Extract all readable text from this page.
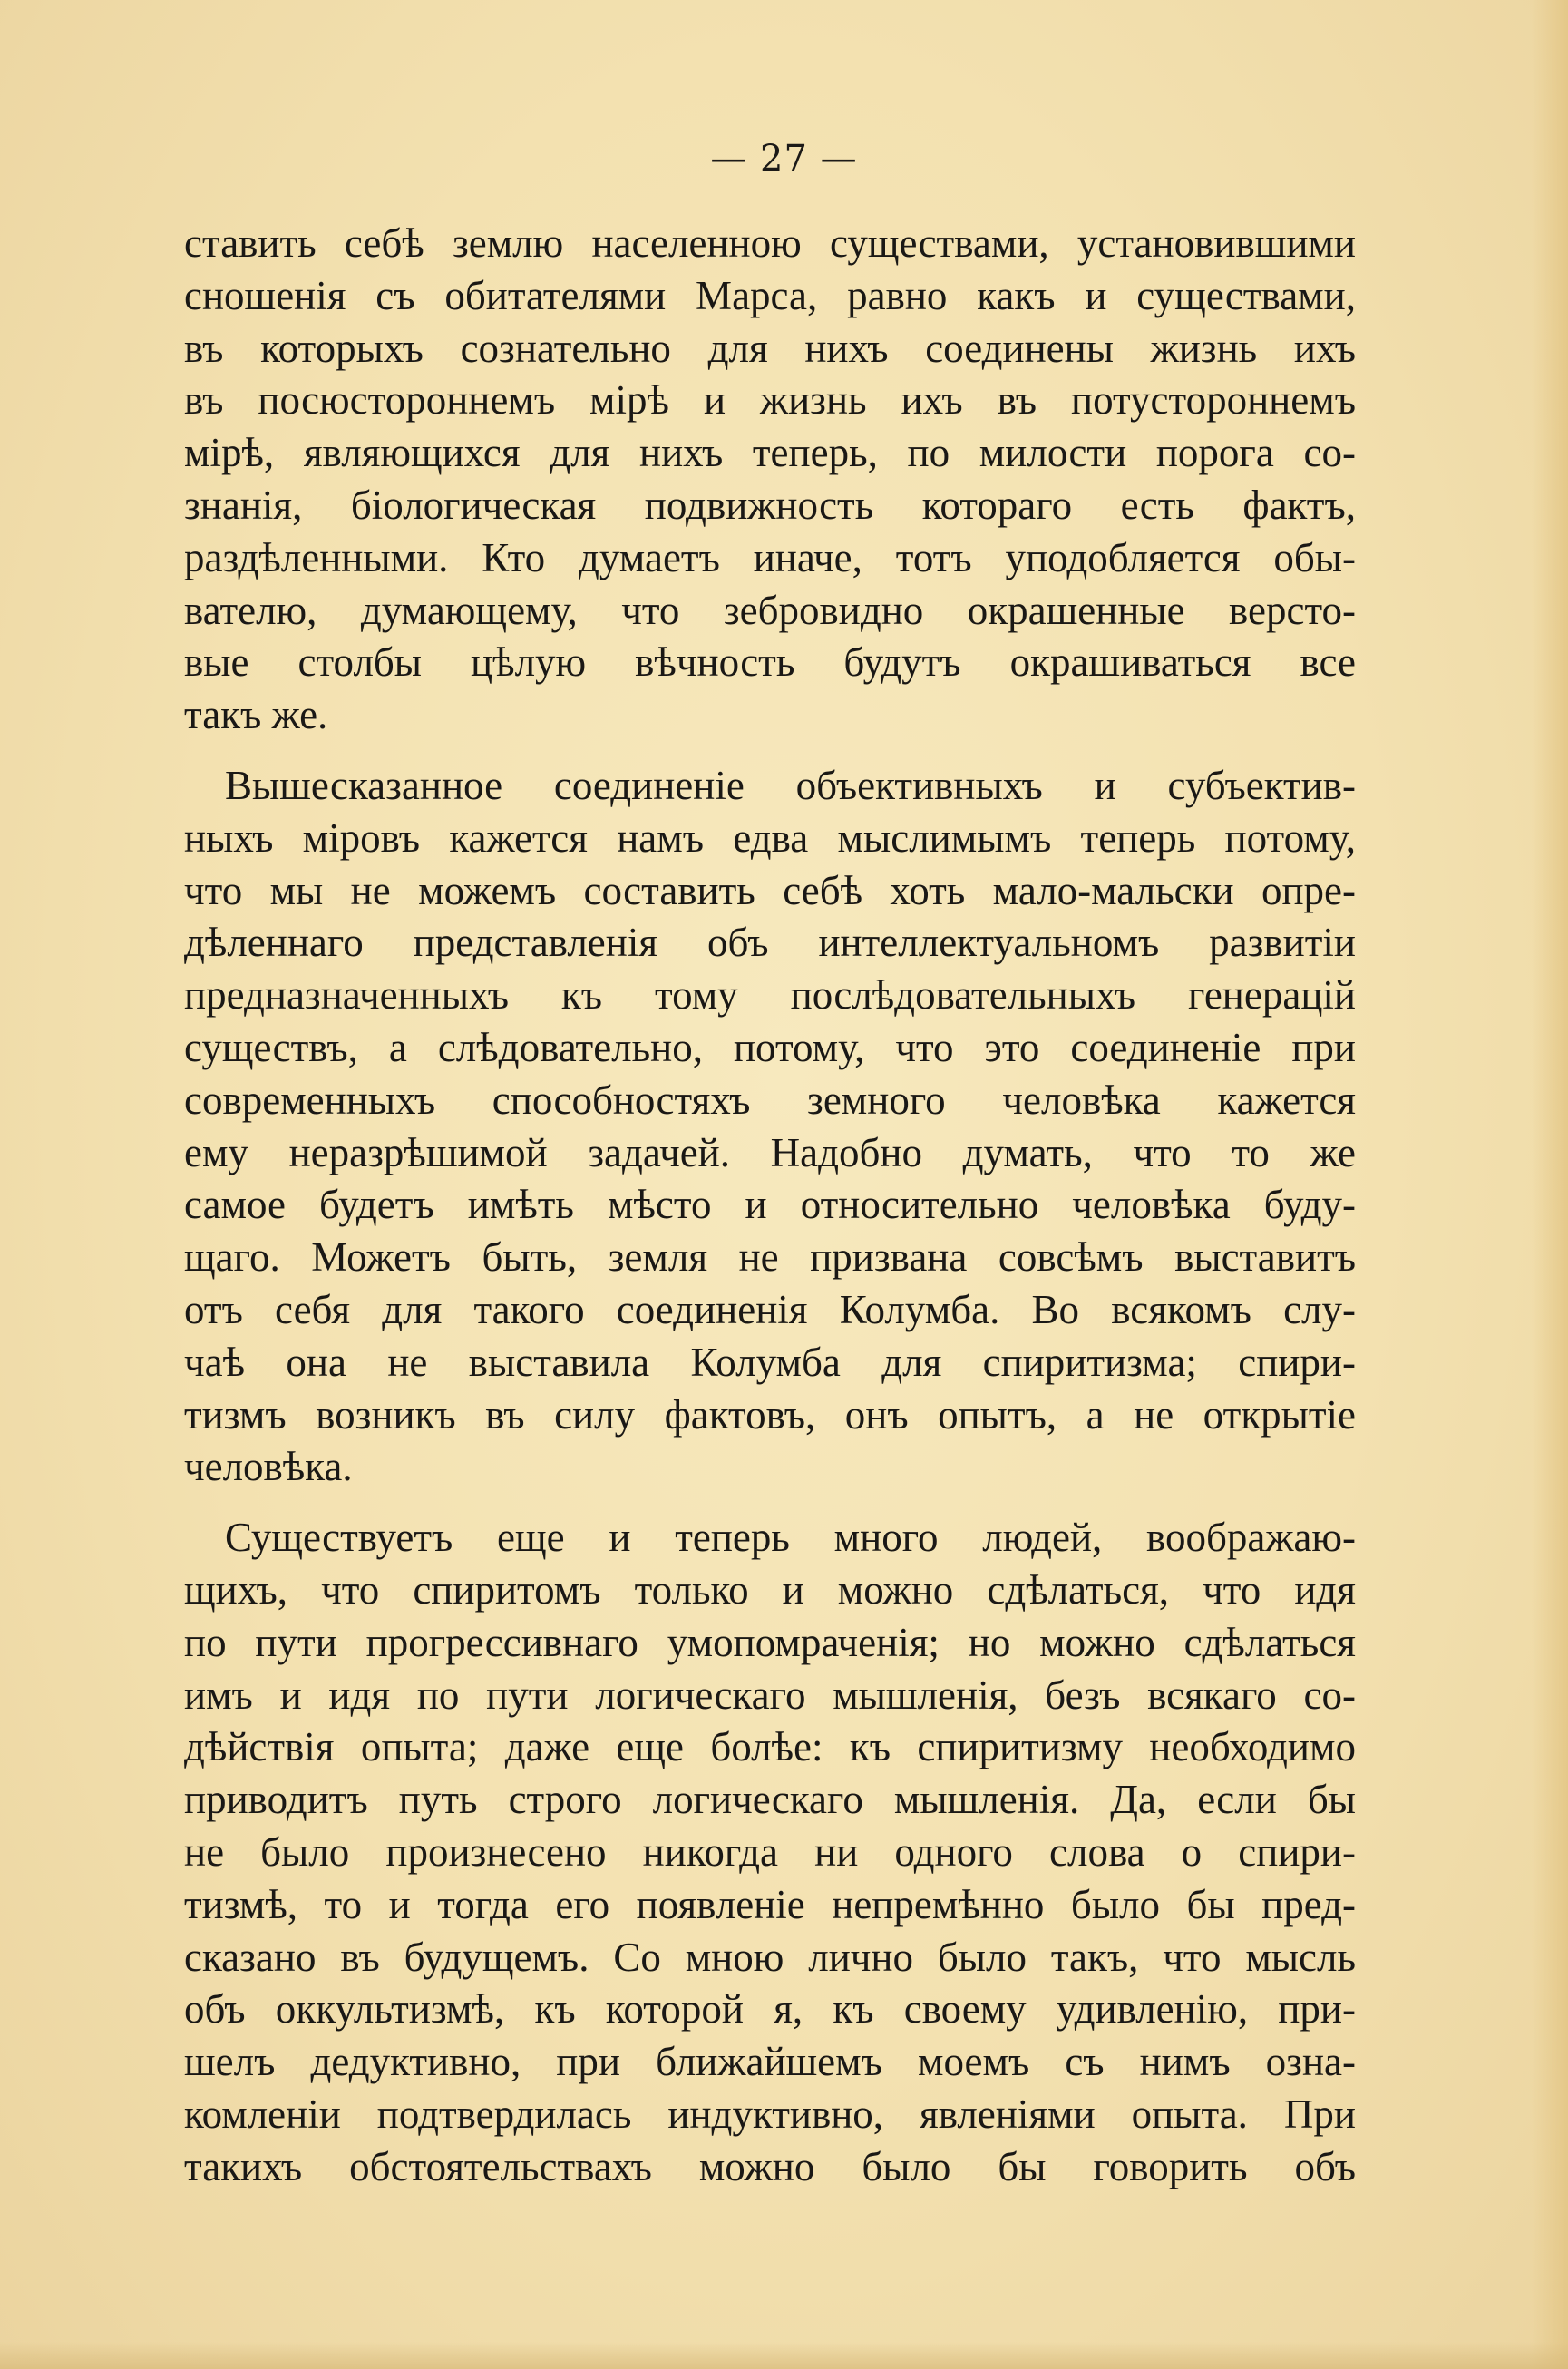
— 27 —
ставить себѣ землю населенною существами, установившими
сношенія съ обитателями Марса, равно какъ и существами,
въ которыхъ сознательно для нихъ соединены жизнь ихъ
въ посюстороннемъ мірѣ и жизнь ихъ въ потустороннемъ
мірѣ, являющихся для нихъ теперь, по милости порога со-
знанія, біологическая подвижность котораго есть фактъ,
раздѣленными. Кто думаетъ иначе, тотъ уподобляется обы-
вателю, думающему, что зебровидно окрашенные версто-
вые столбы цѣлую вѣчность будутъ окрашиваться все
такъ же.
Вышесказанное соединеніе объективныхъ и субъектив-
ныхъ міровъ кажется намъ едва мыслимымъ теперь потому,
что мы не можемъ составить себѣ хоть мало-мальски опре-
дѣленнаго представленія объ интеллектуальномъ развитіи
предназначенныхъ къ тому послѣдовательныхъ генерацій
существъ, а слѣдовательно, потому, что это соединеніе при
современныхъ способностяхъ земного человѣка кажется
ему неразрѣшимой задачей. Надобно думать, что то же
самое будетъ имѣть мѣсто и относительно человѣка буду-
щаго. Можетъ быть, земля не призвана совсѣмъ выставитъ
отъ себя для такого соединенія Колумба. Во всякомъ слу-
чаѣ она не выставила Колумба для спиритизма; спири-
тизмъ возникъ въ силу фактовъ, онъ опытъ, а не открытіе
человѣка.
Существуетъ еще и теперь много людей, воображаю-
щихъ, что спиритомъ только и можно сдѣлаться, что идя
по пути прогрессивнаго умопомраченія; но можно сдѣлаться
имъ и идя по пути логическаго мышленія, безъ всякаго со-
дѣйствія опыта; даже еще болѣе: къ спиритизму необходимо
приводитъ путь строго логическаго мышленія. Да, если бы
не было произнесено никогда ни одного слова о спири-
тизмѣ, то и тогда его появленіе непремѣнно было бы пред-
сказано въ будущемъ. Со мною лично было такъ, что мысль
объ оккультизмѣ, къ которой я, къ своему удивленію, при-
шелъ дедуктивно, при ближайшемъ моемъ съ нимъ озна-
комленіи подтвердилась индуктивно, явленіями опыта. При
такихъ обстоятельствахъ можно было бы говорить объ
